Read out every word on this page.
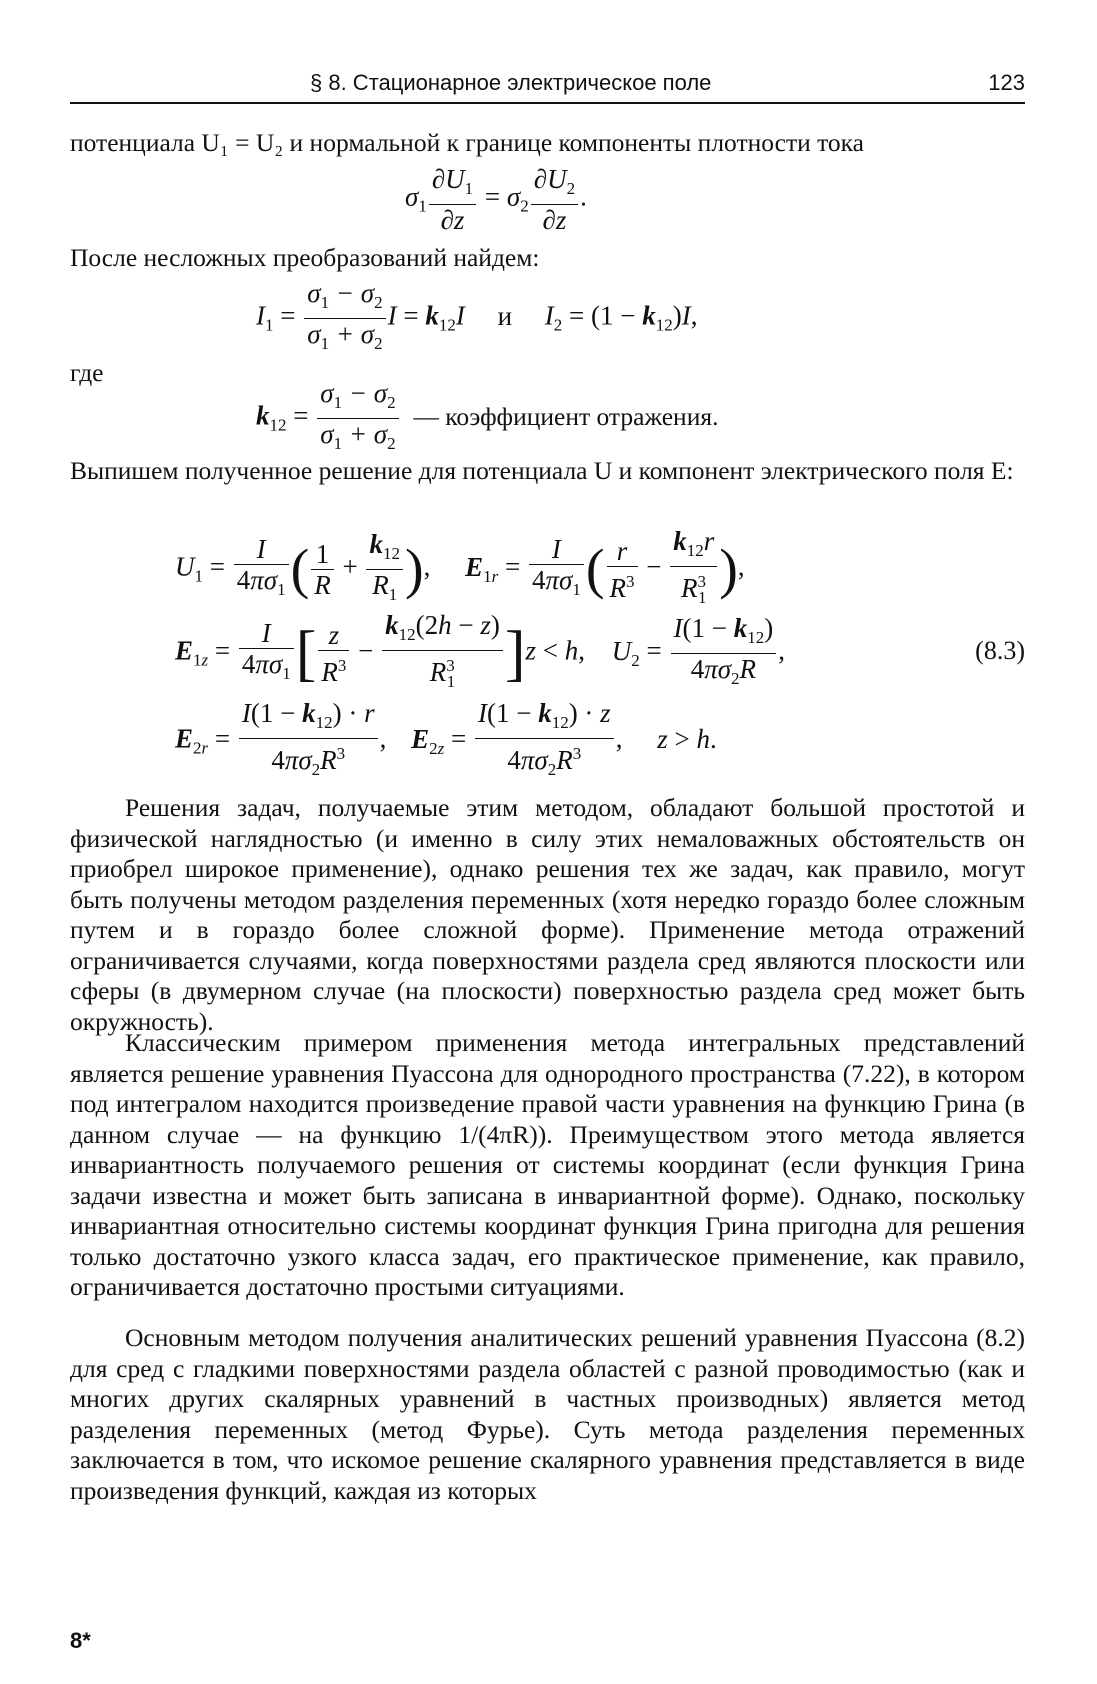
§ 8. Стационарное электрическое поле	123
потенциала U₁ = U₂ и нормальной к границе компоненты плотности тока
$\sigma_1 \frac{\partial U_1}{\partial z} = \sigma_2 \frac{\partial U_2}{\partial z}$ .
После несложных преобразований найдем:
$I_1 = \frac{\sigma_1 - \sigma_2}{\sigma_1 + \sigma_2}$ $I = k_{12}I$ и $I_2 = (1 - k_{12})I$,
где
$k_{12} = \frac{\sigma_1 - \sigma_2}{\sigma_1 + \sigma_2}$ — коэффициент отражения.
Выпишем полученное решение для потенциала U и компонент электрического поля E:
$U_1 = \frac{I}{4\pi\sigma_1}$ ( $\frac{1}{R} + \frac{k_{12}}{R_1}$ ), $E_{1r} = \frac{I}{4\pi\sigma_1}$ ( $\frac{r}{R^3} - \frac{k_{12}r}{R^3_1}$ ),
$E_{1z} = \frac{I}{4\pi\sigma_1}$ [ $\frac{z}{R^3} - \frac{k_{12}(2h - z)}{R^3_1} ]z < h$, $U_2 = \frac{I(1 - k_{12})}{4\pi\sigma_2R}$ ,	(8.3)
$E_{2r} = \frac{I(1 - k_{12}) \cdot r}{4\pi\sigma_2R^3}$ , $E_{2z} = \frac{I(1 - k_{12}) \cdot z}{4\pi\sigma_2R^3}$ , z > h.
Решения задач, получаемые этим методом, обладают большой простотой и физической наглядностью (и именно в силу этих немаловажных обстоятельств он приобрел широкое применение), однако решения тех же задач, как правило, могут быть получены методом разделения переменных (хотя нередко гораздо более сложным путем и в гораздо более сложной форме). Применение метода отражений ограничивается случаями, когда поверхностями раздела сред являются плоскости или сферы (в двумерном случае (на плоскости) поверхностью раздела сред может быть окружность).
Классическим примером применения метода интегральных представлений является решение уравнения Пуассона для однородного пространства (7.22), в котором под интегралом находится произведение правой части уравнения на функцию Грина (в данном случае — на функцию 1/(4πR)). Преимуществом этого метода является инвариантность получаемого решения от системы координат (если функция Грина задачи известна и может быть записана в инвариантной форме). Однако, поскольку инвариантная относительно системы координат функция Грина пригодна для решения только достаточно узкого класса задач, его практическое применение, как правило, ограничивается достаточно простыми ситуациями.
Основным методом получения аналитических решений уравнения Пуассона (8.2) для сред с гладкими поверхностями раздела областей с разной проводимостью (как и многих других скалярных уравнений в частных производных) является метод разделения переменных (метод Фурье). Суть метода разделения переменных заключается в том, что искомое решение скалярного уравнения представляется в виде произведения функций, каждая из которых
8*
